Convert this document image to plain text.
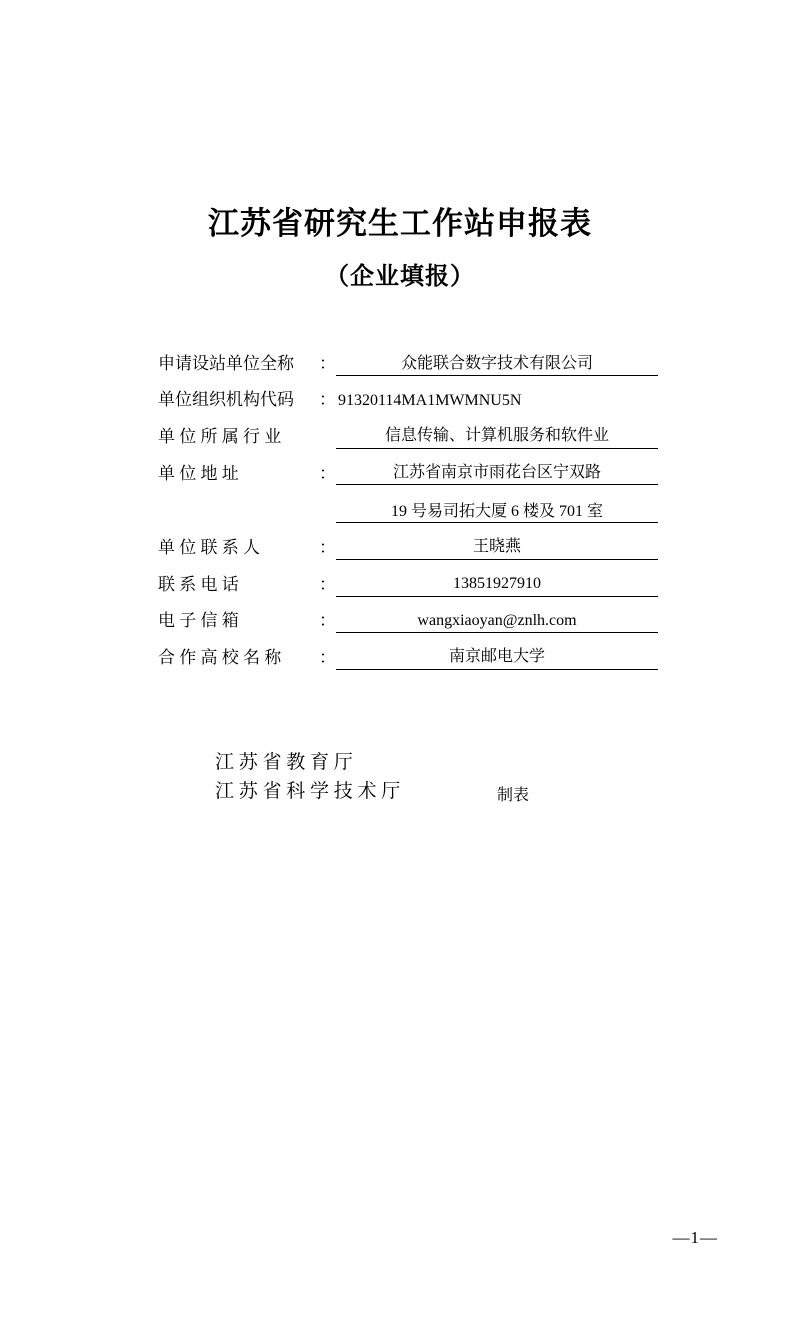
江苏省研究生工作站申报表
（企业填报）
申请设站单位全称 ：	众能联合数字技术有限公司
单位组织机构代码 ： 91320114MA1MWMNU5N
单 位 所 属 行 业	信息传输、计算机服务和软件业
单 位 地 址	：	江苏省南京市雨花台区宁双路
19 号易司拓大厦 6 楼及 701 室
单 位 联 系 人	：	王晓燕
联 系 电 话	：	13851927910
电 子 信 箱	：	wangxiaoyan@znlh.com
合 作 高 校 名 称 ：	南京邮电大学
江 苏 省 教 育 厅
江 苏 省 科 学 技 术 厅	制表
—1—
